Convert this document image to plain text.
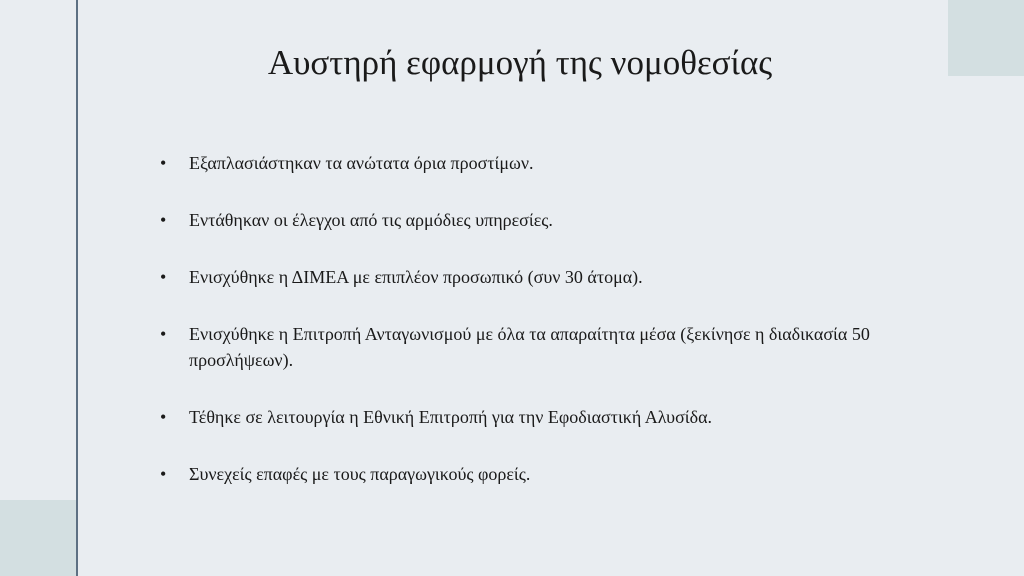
Αυστηρή εφαρμογή της νομοθεσίας
• Εξαπλασιάστηκαν τα ανώτατα όρια προστίμων.
• Εντάθηκαν οι έλεγχοι από τις αρμόδιες υπηρεσίες.
• Ενισχύθηκε η ΔΙΜΕΑ με επιπλέον προσωπικό (συν 30 άτομα).
• Ενισχύθηκε η Επιτροπή Ανταγωνισμού με όλα τα απαραίτητα μέσα (ξεκίνησε η διαδικασία 50 προσλήψεων).
• Τέθηκε σε λειτουργία η Εθνική Επιτροπή για την Εφοδιαστική Αλυσίδα.
• Συνεχείς επαφές με τους παραγωγικούς φορείς.
